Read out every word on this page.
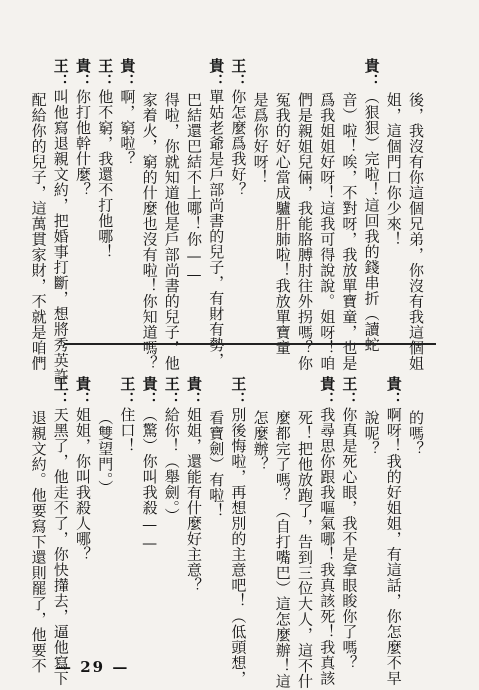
後，我沒有你這個兄弟，你沒有我這個姐
姐，這個門口你少來！
貴：（狠狠）完啦！這回我的錢串折（讀蛇
音）啦！唉，不對呀，我放單寶童，也是
爲我姐姐好呀！這我可得說說。姐呀！咱
們是親姐兒倆，我能胳膊肘往外拐嗎？你
冤我的好心當成驢肝肺啦！我放單寶童
是爲你好呀！
王：你怎麼爲我好？
貴：單姑老爺是戶部尚書的兒子，有財有勢，
巴結還巴結不上哪！你——
得啦，你就知道他是戶部尚書的兒子，他
家着火，窮的什麼也沒有啦！你知道嗎？
貴：啊，窮啦？
王：他不窮，我還不打他哪！
貴：你打他幹什麼？
王：叫他寫退親文約，把婚事打斷，想將秀英許
配給你的兒子，這萬貫家財，不就是咱們
的嗎？
貴：啊呀！我的好姐姐，有這話，你怎麼不早
說呢？
王：你真是死心眼，我不是拿眼睃你了嗎？
貴：我尋思你跟我嘔氣哪！我真該死！我真該
死！把他放跑了，告到三位大人，這不什
麼都完了嗎？（自打嘴巴）這怎麼辦！這
怎麼辦？
王：別後悔啦，再想別的主意吧！（低頭想，
看寶劍）有啦！
貴：姐姐，還能有什麼好主意？
王：給你！（舉劍。）
貴：（驚）你叫我殺——
王：住口！
（雙望門。）
貴：姐姐，你叫我殺人哪？
王：天黑了，他走不了，你快攆去，逼他寫下
退親文約。他要寫下還則罷了，他要不 — 29 —
